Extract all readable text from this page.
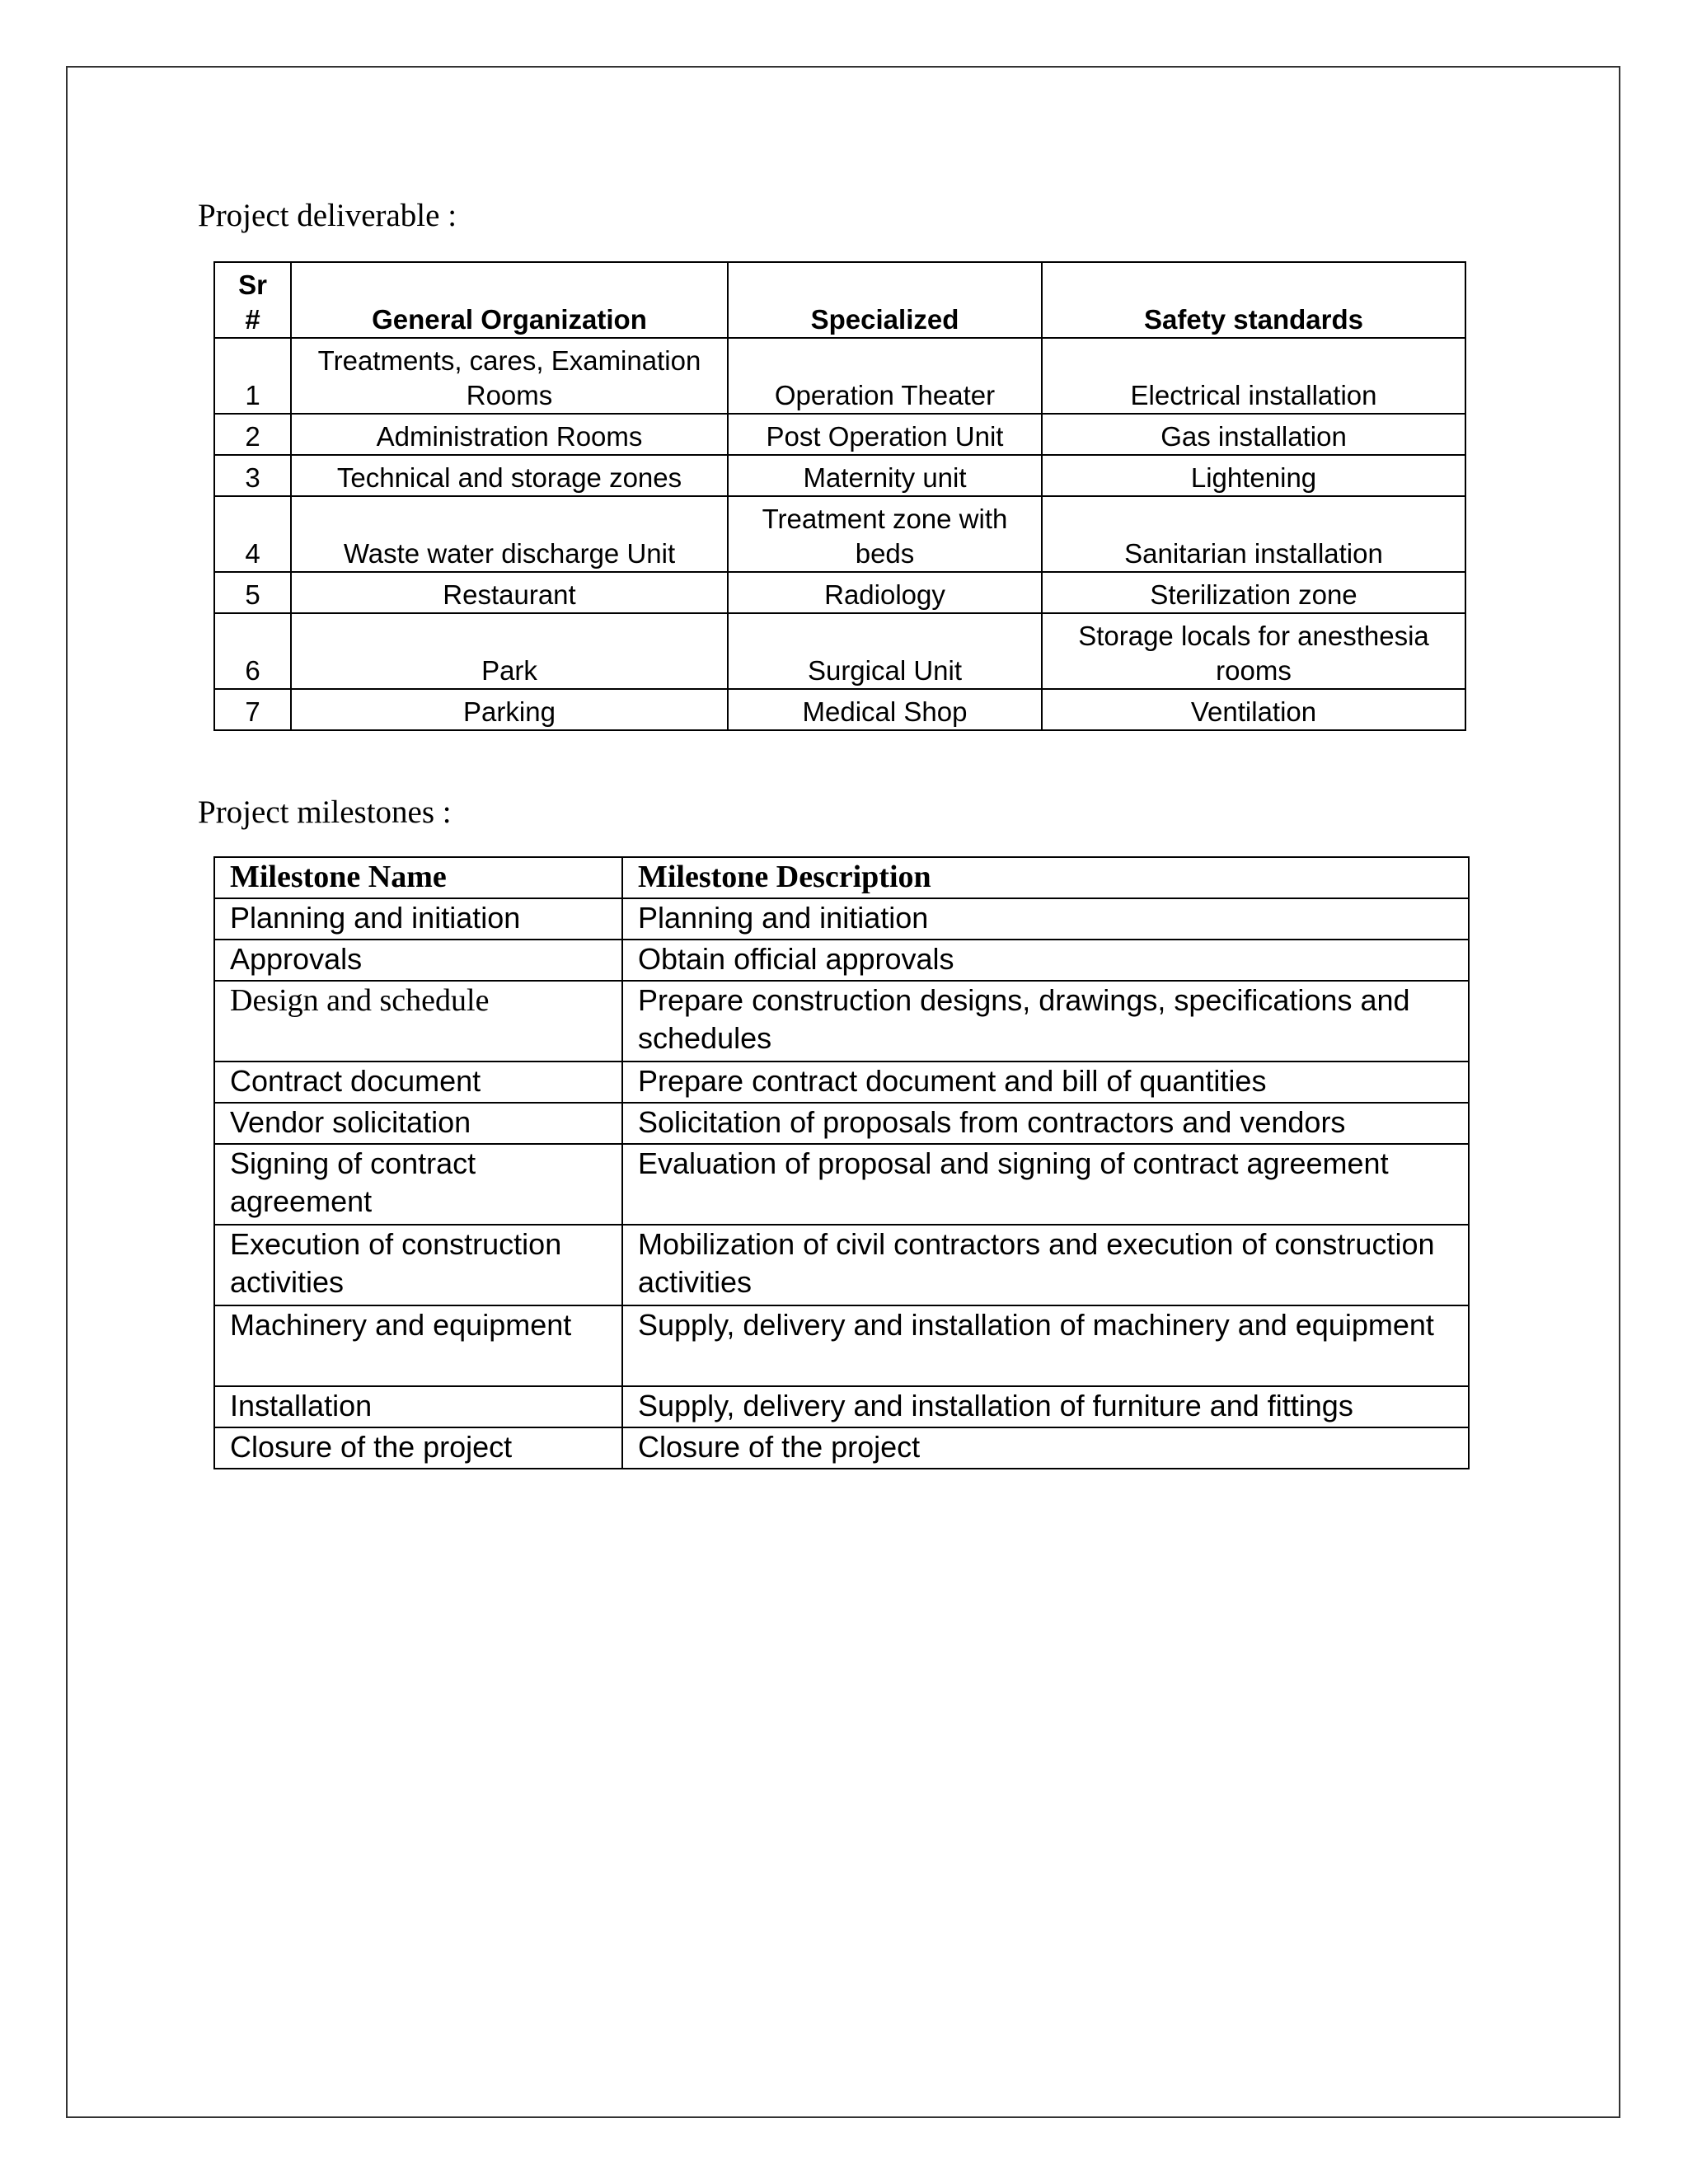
Project deliverable :
Sr #	General Organization	Specialized	Safety standards
1	Treatments, cares, Examination Rooms	Operation Theater	Electrical installation
2	Administration Rooms	Post Operation Unit	Gas installation
3	Technical and storage zones	Maternity unit	Lightening
4	Waste water discharge Unit	Treatment zone with beds	Sanitarian installation
5	Restaurant	Radiology	Sterilization zone
6	Park	Surgical Unit	Storage locals for anesthesia rooms
7	Parking	Medical Shop	Ventilation
Project milestones :
Milestone Name	Milestone Description
Planning and initiation	Planning and initiation
Approvals	Obtain official approvals
Design and schedule	Prepare construction designs, drawings, specifications and schedules
Contract document	Prepare contract document and bill of quantities
Vendor solicitation	Solicitation of proposals from contractors and vendors
Signing of contract agreement	Evaluation of proposal and signing of contract agreement
Execution of construction activities	Mobilization of civil contractors and execution of construction activities
Machinery and equipment	Supply, delivery and installation of machinery and equipment
Installation	Supply, delivery and installation of furniture and fittings
Closure of the project	Closure of the project
